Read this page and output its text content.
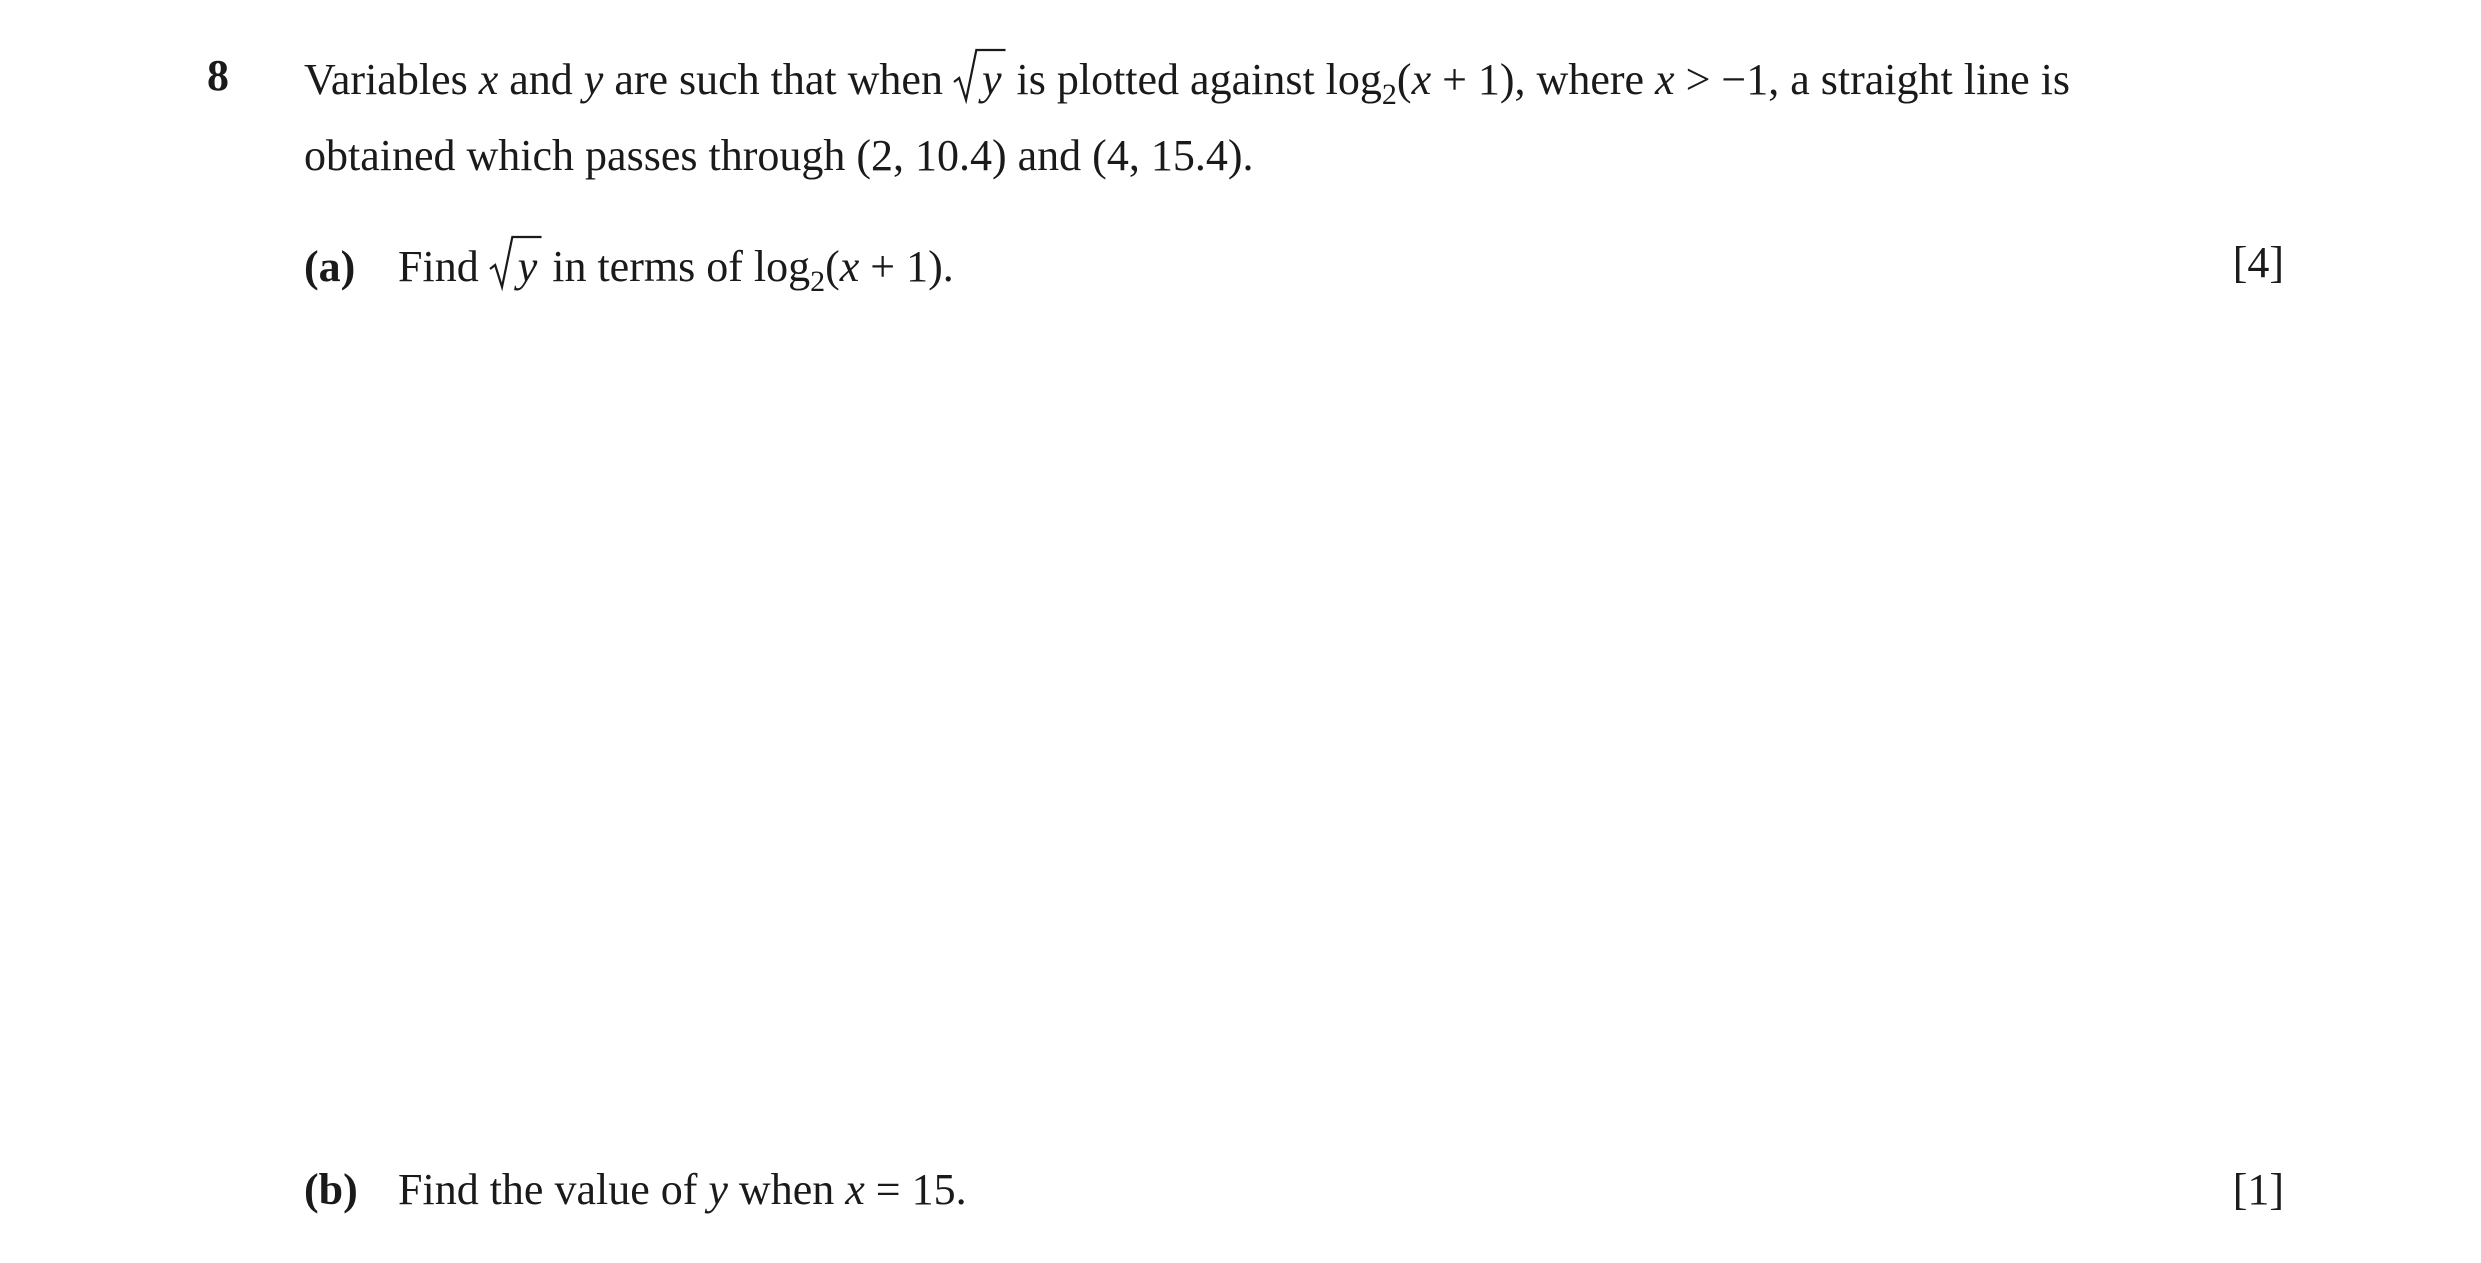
8 Variables x and y are such that when
y is plotted against $\log_2(x + 1)$, where x > −1, a straight line is
obtained which passes through (2, 10.4) and (4, 15.4).
(a) Find
y in terms of $\log_2(x + 1)$.	[4]
(b) Find the value of y when x = 15.	[1]
